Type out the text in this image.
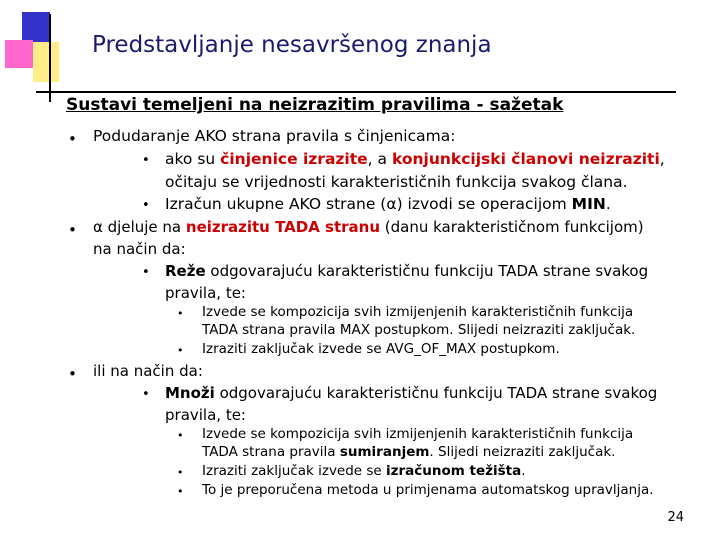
Predstavljanje nesavršenog znanja
Sustavi temeljeni na neizrazitim pravilima - sažetak
• Podudaranje AKO strana pravila s činjenicama:
• ako su činjenice izrazite, a konjunkcijski članovi neizraziti,
očitaju se vrijednosti karakterističnih funkcija svakog člana.
• Izračun ukupne AKO strane (α) izvodi se operacijom MIN.
• α djeluje na neizrazitu TADA stranu (danu karakterističnom funkcijom)
na način da:
• Reže odgovarajuću karakterističnu funkciju TADA strane svakog
pravila, te:
• Izvede se kompozicija svih izmijenjenih karakterističnih funkcija
TADA strana pravila MAX postupkom. Slijedi neizraziti zaključak.
• Izraziti zaključak izvede se AVG_OF_MAX postupkom.
• ili na način da:
• Množi odgovarajuću karakterističnu funkciju TADA strane svakog
pravila, te:
• Izvede se kompozicija svih izmijenjenih karakterističnih funkcija
TADA strana pravila sumiranjem. Slijedi neizraziti zaključak.
• Izraziti zaključak izvede se izračunom težišta.
• To je preporučena metoda u primjenama automatskog upravljanja.
24
